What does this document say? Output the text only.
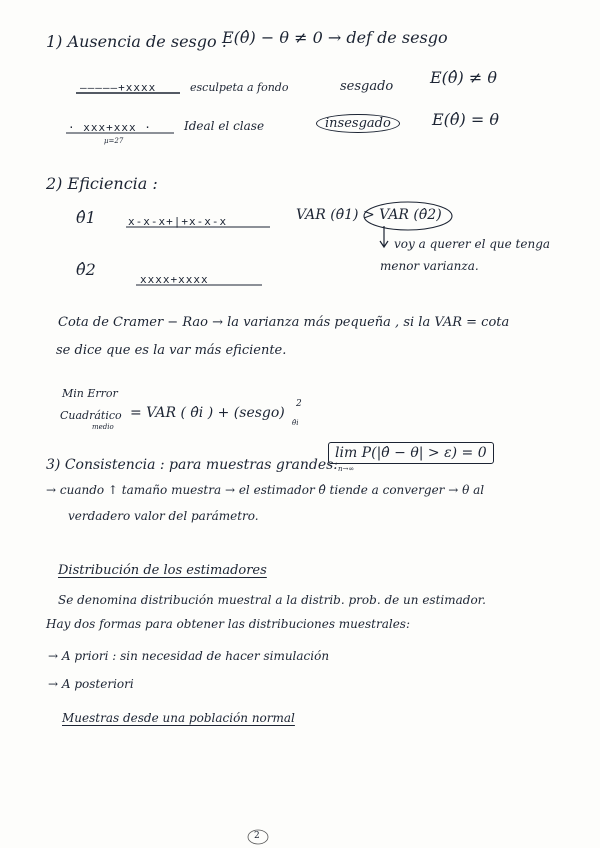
1) Ausencia de sesgo .
E(θ̂) − θ ≠ 0 → def de sesgo
—————+xxxx	esculpeta a fondo	sesgado E(θ̂) ≠ θ
· xxx+xxx ·
µ=27
Ideal el clase	insesgado	E(θ̂) = θ
2) Eficiencia :
θ̂1	x-x-x+|+x-x-x	VAR (θ̂1) > VAR (θ̂2)
voy a querer el que tenga
menor varianza.
θ̂2
xxxx+xxxx
Cota de Cramer − Rao → la varianza más pequeña , si la VAR = cota
se dice que es la var más eficiente.
Min Error
Cuadrático
medio
= VAR ( θ̂i ) + (sesgo)
2
θ̂i
3) Consistencia : para muestras grandes:
lim P(|θ̂ − θ| > ε) = 0
n→∞
→ cuando ↑ tamaño muestra → el estimador θ̂ tiende a converger → θ al
verdadero valor del parámetro.
Distribución de los estimadores
Se denomina distribución muestral a la distrib. prob. de un estimador.
Hay dos formas para obtener las distribuciones muestrales:
→ A priori : sin necesidad de hacer simulación
→ A posteriori
Muestras desde una población normal
2
